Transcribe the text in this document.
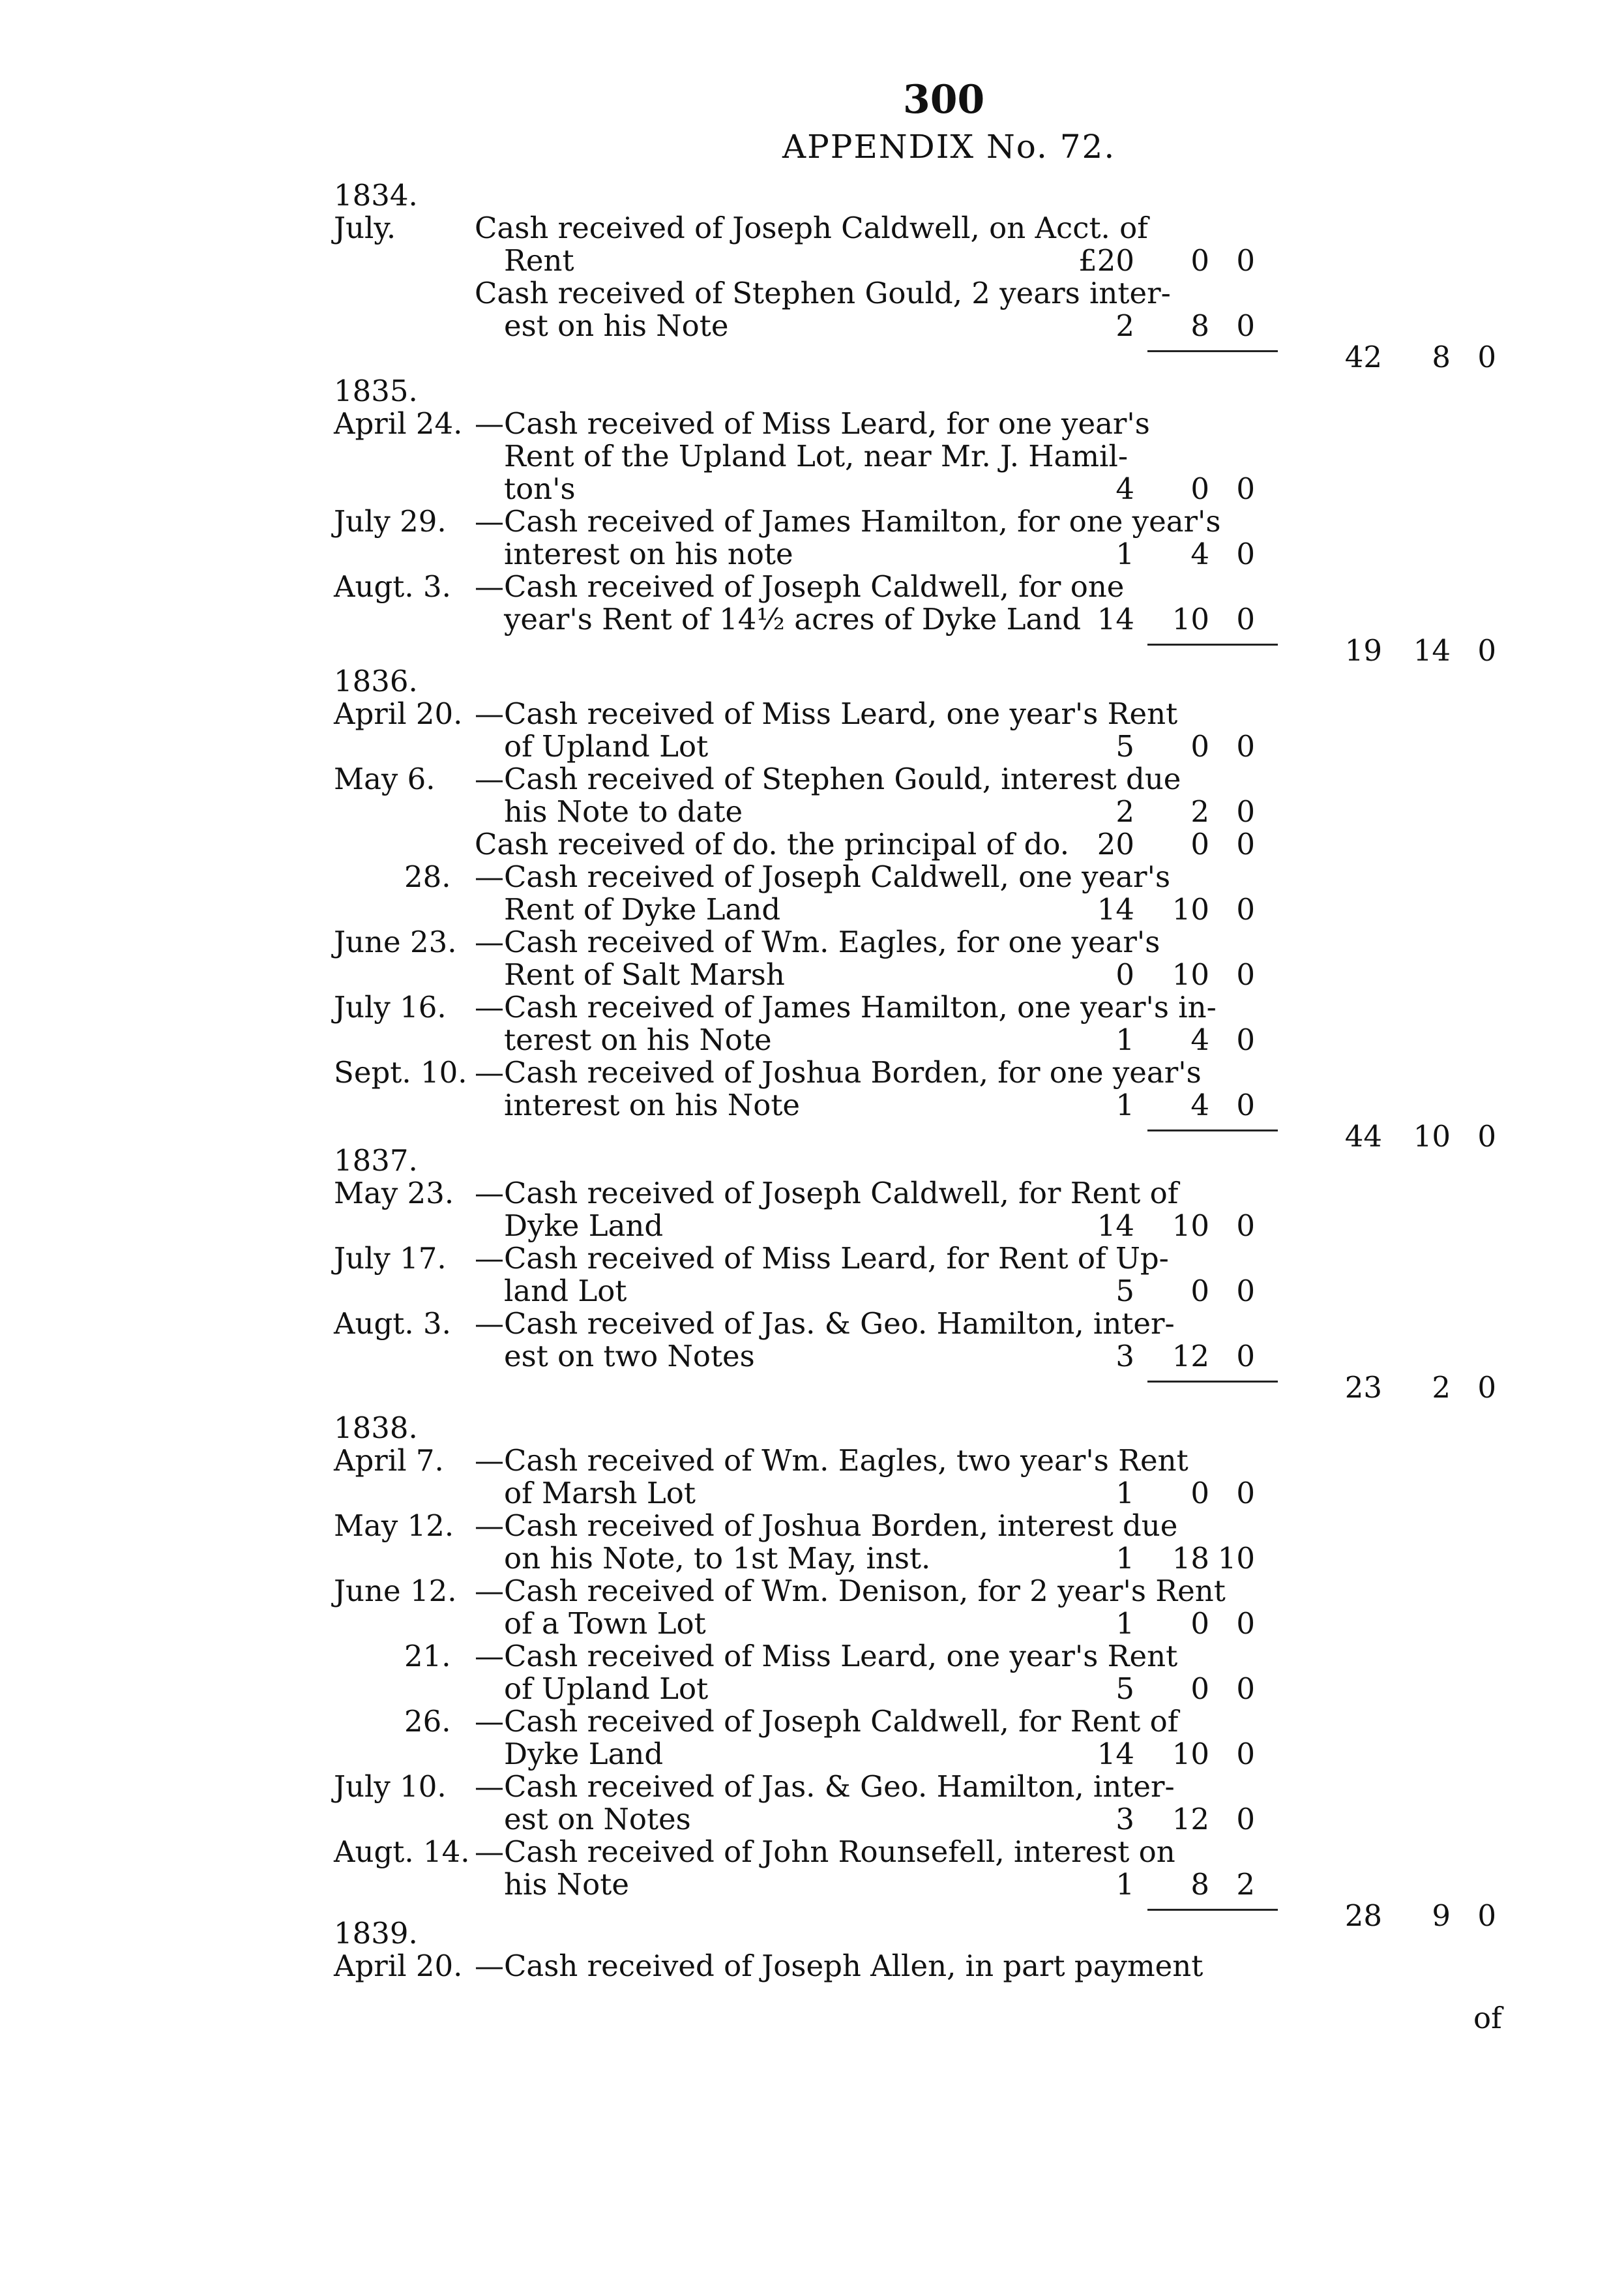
300
APPENDIX No. 72.
1834.
July.	Cash received of Joseph Caldwell, on Acct. of
Rent	£20	0 0
Cash received of Stephen Gould, 2 years inter-
est on his Note	2	8 0
42	8 0
1835.
April 24. —Cash received of Miss Leard, for one year's
Rent of the Upland Lot, near Mr. J. Hamil-
ton's	4	0 0
July 29. —Cash received of James Hamilton, for one year's
interest on his note	1	4 0
Augt. 3. —Cash received of Joseph Caldwell, for one
year's Rent of 14½ acres of Dyke Land 14	10 0
19	14 0
1836.
April 20. —Cash received of Miss Leard, one year's Rent
of Upland Lot	5	0 0
May 6. —Cash received of Stephen Gould, interest due
his Note to date	2	2 0
Cash received of do. the principal of do. 20	0 0
28. —Cash received of Joseph Caldwell, one year's
Rent of Dyke Land	14	10 0
June 23. —Cash received of Wm. Eagles, for one year's
Rent of Salt Marsh	0	10 0
July 16. —Cash received of James Hamilton, one year's in-
terest on his Note	1	4 0
Sept. 10. —Cash received of Joshua Borden, for one year's
interest on his Note	1	4 0
44	10 0
1837.
May 23. —Cash received of Joseph Caldwell, for Rent of
Dyke Land	14	10 0
July 17. —Cash received of Miss Leard, for Rent of Up-
land Lot	5	0 0
Augt. 3. —Cash received of Jas. & Geo. Hamilton, inter-
est on two Notes	3	12 0
23	2 0
1838.
April 7. —Cash received of Wm. Eagles, two year's Rent
of Marsh Lot	1	0 0
May 12. —Cash received of Joshua Borden, interest due
on his Note, to 1st May, inst.	1	18 10
June 12. —Cash received of Wm. Denison, for 2 year's Rent
of a Town Lot	1	0 0
21. —Cash received of Miss Leard, one year's Rent
of Upland Lot	5	0 0
26. —Cash received of Joseph Caldwell, for Rent of
Dyke Land	14	10 0
July 10. —Cash received of Jas. & Geo. Hamilton, inter-
est on Notes	3	12 0
Augt. 14. —Cash received of John Rounsefell, interest on
his Note	1	8 2
28	9 0
1839.
April 20. —Cash received of Joseph Allen, in part payment
of
